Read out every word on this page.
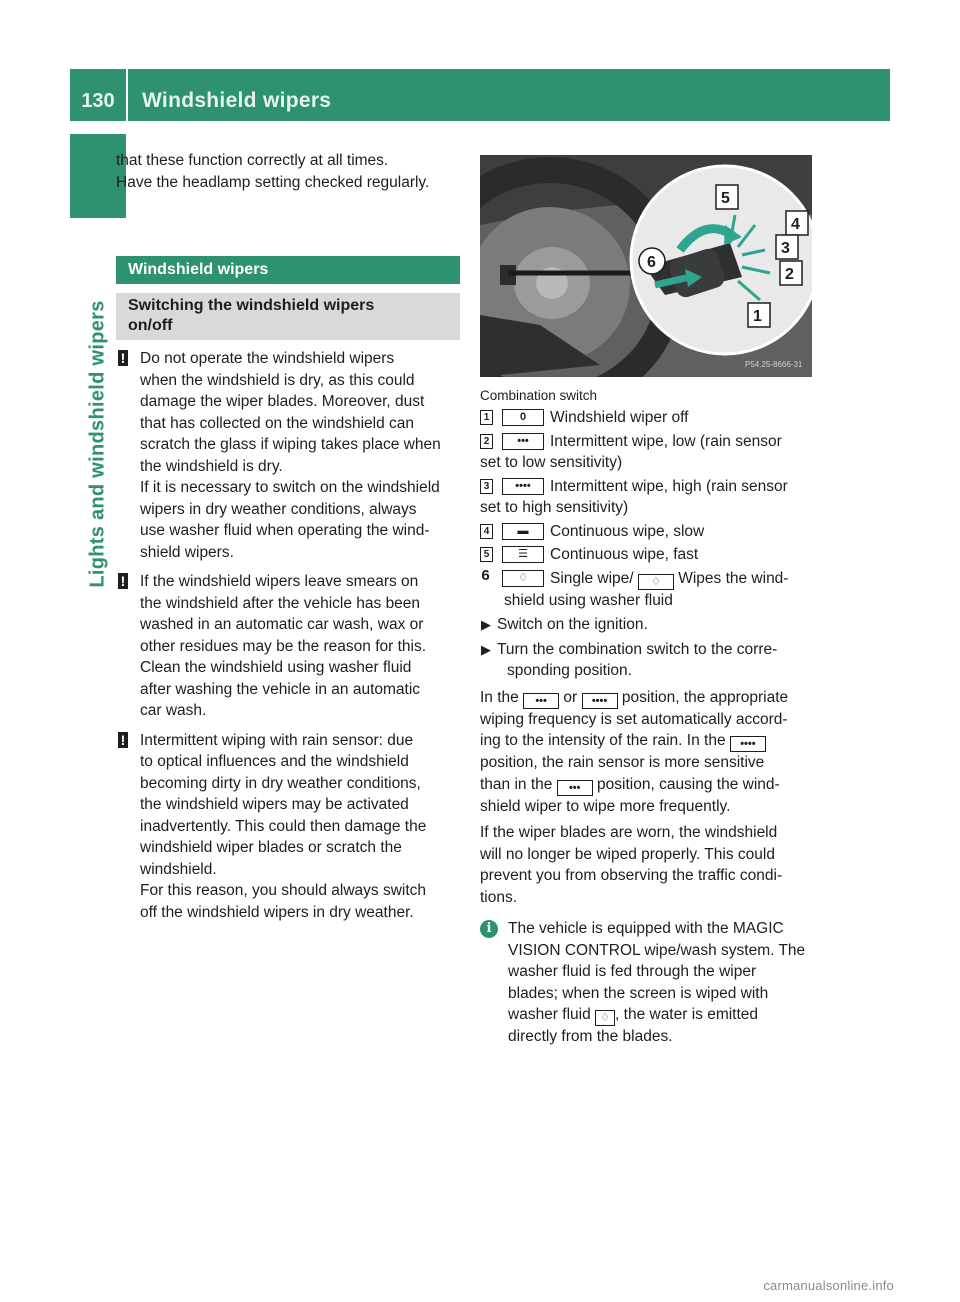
130	Windshield wipers
Lights and windshield wipers

that these function correctly at all times.

Have the headlamp setting checked regularly.

Windshield wipers
Switching the windshield wipers
on/off
! Do not operate the windshield wipers

when the windshield is dry, as this could

damage the wiper blades. Moreover, dust

that has collected on the windshield can

scratch the glass if wiping takes place when

the windshield is dry.

If it is necessary to switch on the windshield

wipers in dry weather conditions, always

use washer fluid when operating the wind-

shield wipers.

! If the windshield wipers leave smears on

the windshield after the vehicle has been

washed in an automatic car wash, wax or

other residues may be the reason for this.

Clean the windshield using washer fluid

after washing the vehicle in an automatic

car wash.

! Intermittent wiping with rain sensor: due

to optical influences and the windshield

becoming dirty in dry weather conditions,

the windshield wipers may be activated

inadvertently. This could then damage the

windshield wiper blades or scratch the

windshield.

For this reason, you should always switch

off the windshield wipers in dry weather.

5
4
3
2
1
6
P54.25-8666-31
Combination switch
1	0	Windshield wiper off

2	•••	Intermittent wipe, low (rain sensor

set to low sensitivity)

3	••••	Intermittent wipe, high (rain sensor

set to high sensitivity)

4	▬	Continuous wipe, slow

5	☰	Continuous wipe, fast

6	♢	Single wipe/ ♢ Wipes the wind-

shield using washer fluid

▶ Switch on the ignition.

▶ Turn the combination switch to the corre-

sponding position.

In the ••• or •••• position, the appropriate

wiping frequency is set automatically accord-

ing to the intensity of the rain. In the ••••

position, the rain sensor is more sensitive

than in the ••• position, causing the wind-

shield wiper to wipe more frequently.

If the wiper blades are worn, the windshield

will no longer be wiped properly. This could

prevent you from observing the traffic condi-

tions.

i	The vehicle is equipped with the MAGIC

VISION CONTROL wipe/wash system. The

washer fluid is fed through the wiper

blades; when the screen is wiped with

washer fluid ♢ , the water is emitted

directly from the blades.

carmanualsonline.info
